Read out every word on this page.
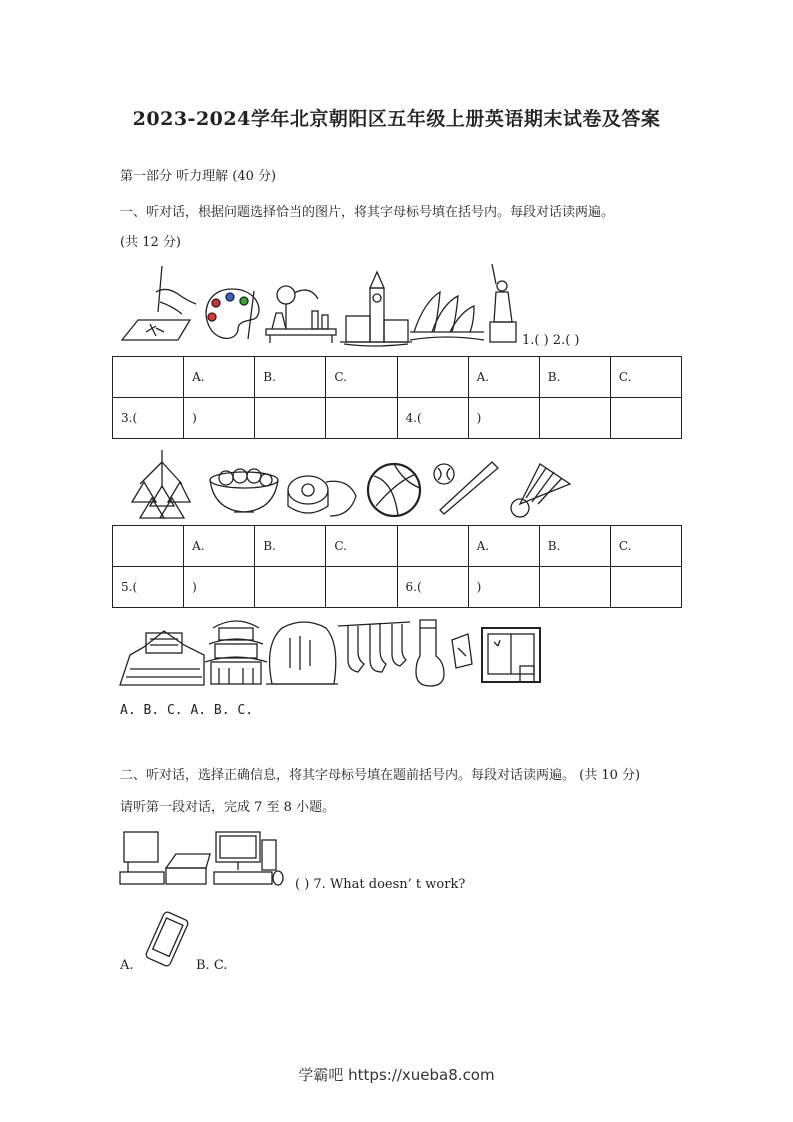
2023-2024学年北京朝阳区五年级上册英语期末试卷及答案
第一部分 听力理解 (40 分)
一、听对话，根据问题选择恰当的图片，将其字母标号填在括号内。每段对话读两遍。
(共 12 分)
1.( ) 2.( )
	A.	B.	C.		A.	B.	C.
3.(	)			4.(	)		
	A.	B.	C.		A.	B.	C.
5.(	)			6.(	)		
A. B. C. A. B. C.
二、听对话，选择正确信息，将其字母标号填在题前括号内。每段对话读两遍。 (共 10 分)
请听第一段对话，完成 7 至 8 小题。
( ) 7. What doesn’ t work?
A.	B. C.
学霸吧 https://xueba8.com
